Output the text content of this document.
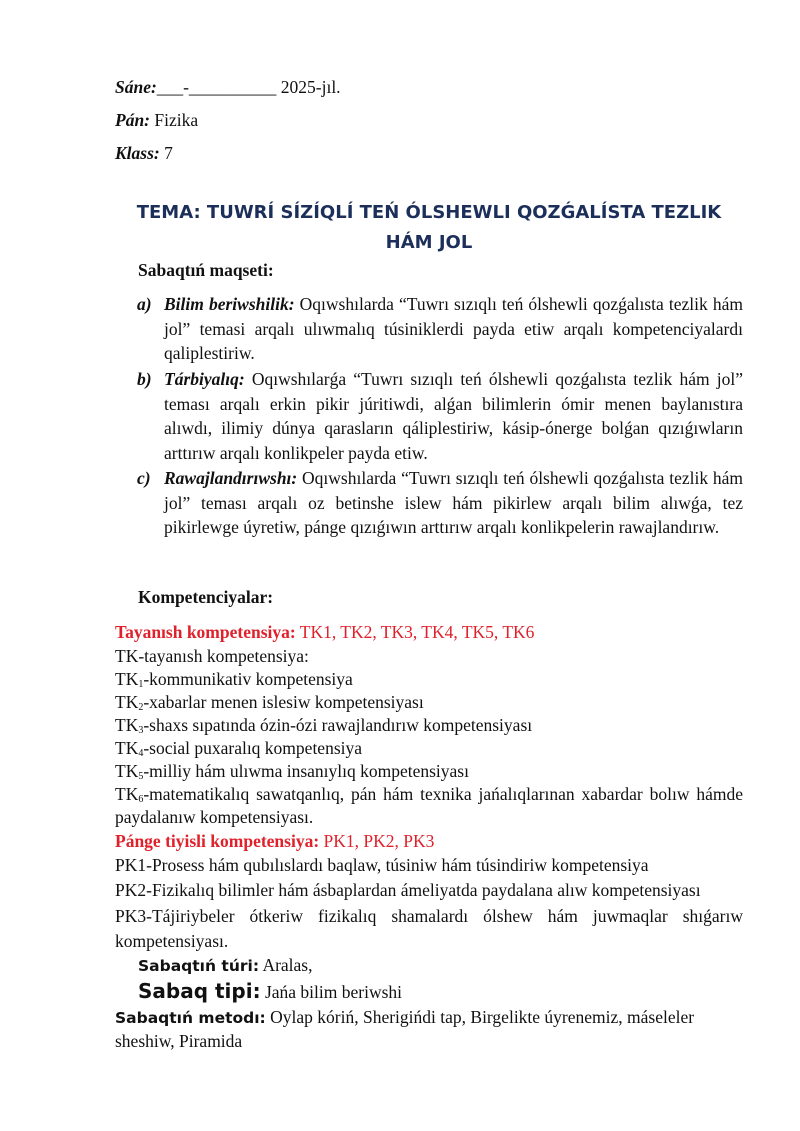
Sáne:___-__________ 2025-jıl.
Pán: Fizika
Klass: 7
TEMA: TUWRÍ SÍZÍQLÍ TEŃ ÓLSHEWLI QOZǴALÍSTA TEZLIK HÁM JOL
Sabaqtıń maqseti:
a) Bilim beriwshilik: Oqıwshılarda “Tuwrı sızıqlı teń ólshewli qozǵalısta tezlik hám jol” temasi arqalı ulıwmalıq túsiniklerdi payda etiw arqalı kompetenciyalardı qaliplestiriw.
b) Tárbiyalıq: Oqıwshılarǵa “Tuwrı sızıqlı teń ólshewli qozǵalısta tezlik hám jol” teması arqalı erkin pikir júritiwdi, alǵan bilimlerin ómir menen baylanıstıra alıwdı, ilimiy dúnya qarasların qáliplestiriw, kásip-ónerge bolǵan qızıǵıwların arttırıw arqalı konlikpeler payda etiw.
c) Rawajlandırıwshı: Oqıwshılarda “Tuwrı sızıqlı teń ólshewli qozǵalısta tezlik hám jol” teması arqalı oz betinshe islew hám pikirlew arqalı bilim alıwǵa, tez pikirlewge úyretiw, pánge qızıǵıwın arttırıw arqalı konlikpelerin rawajlandırıw.
Kompetenciyalar:
Tayanısh kompetensiya: TK1, TK2, TK3, TK4, TK5, TK6
TK-tayanısh kompetensiya:
$TK_1$-kommunikativ kompetensiya
$TK_2$-xabarlar menen islesiw kompetensiyası
$TK_3$-shaxs sıpatında ózin-ózi rawajlandırıw kompetensiyası
$TK_4$-social puxaralıq kompetensiya
$TK_5$-milliy hám ulıwma insanıylıq kompetensiyası
$TK_6$-matematikalıq sawatqanlıq, pán hám texnika jańalıqlarınan xabardar bolıw hámde paydalanıw kompetensiyası.
Pánge tiyisli kompetensiya: PK1, PK2, PK3
PK1-Prosess hám qubılıslardı baqlaw, túsiniw hám túsindiriw kompetensiya
PK2-Fizikalıq bilimler hám ásbaplardan ámeliyatda paydalana alıw kompetensiyası
PK3-Tájiriybeler ótkeriw fizikalıq shamalardı ólshew hám juwmaqlar shıǵarıw kompetensiyası.
Sabaqtıń túri: Aralas,
Sabaq tipi: Jańa bilim beriwshi
Sabaqtıń metodı: Oylap kóriń, Sherigińdi tap, Birgelikte úyrenemiz, máseleler sheshiw, Piramida
